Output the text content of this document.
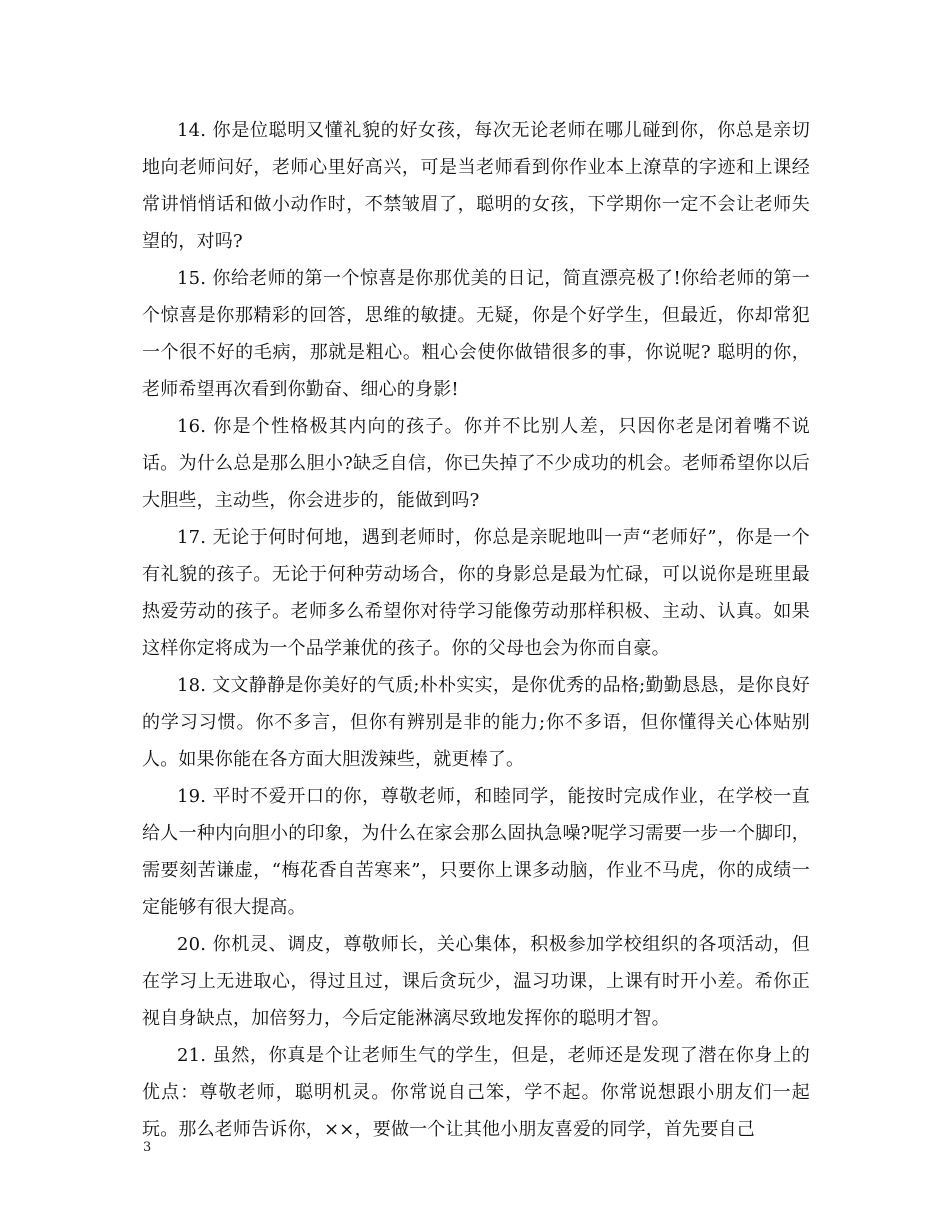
14. 你是位聪明又懂礼貌的好女孩，每次无论老师在哪儿碰到你，你总是亲切地向老师问好，老师心里好高兴，可是当老师看到你作业本上潦草的字迹和上课经常讲悄悄话和做小动作时，不禁皱眉了，聪明的女孩，下学期你一定不会让老师失望的，对吗?

15. 你给老师的第一个惊喜是你那优美的日记，简直漂亮极了!你给老师的第一个惊喜是你那精彩的回答，思维的敏捷。无疑，你是个好学生，但最近，你却常犯一个很不好的毛病，那就是粗心。粗心会使你做错很多的事，你说呢? 聪明的你，老师希望再次看到你勤奋、细心的身影!

16. 你是个性格极其内向的孩子。你并不比别人差，只因你老是闭着嘴不说话。为什么总是那么胆小?缺乏自信，你已失掉了不少成功的机会。老师希望你以后大胆些，主动些，你会进步的，能做到吗?

17. 无论于何时何地，遇到老师时，你总是亲昵地叫一声“老师好”，你是一个有礼貌的孩子。无论于何种劳动场合，你的身影总是最为忙碌，可以说你是班里最热爱劳动的孩子。老师多么希望你对待学习能像劳动那样积极、主动、认真。如果这样你定将成为一个品学兼优的孩子。你的父母也会为你而自豪。

18. 文文静静是你美好的气质;朴朴实实，是你优秀的品格;勤勤恳恳，是你良好的学习习惯。你不多言，但你有辨别是非的能力;你不多语，但你懂得关心体贴别人。如果你能在各方面大胆泼辣些，就更棒了。

19. 平时不爱开口的你，尊敬老师，和睦同学，能按时完成作业，在学校一直给人一种内向胆小的印象，为什么在家会那么固执急噪?呢学习需要一步一个脚印，需要刻苦谦虚，“梅花香自苦寒来”，只要你上课多动脑，作业不马虎，你的成绩一定能够有很大提高。

20. 你机灵、调皮，尊敬师长，关心集体，积极参加学校组织的各项活动，但在学习上无进取心，得过且过，课后贪玩少，温习功课，上课有时开小差。希你正视自身缺点，加倍努力，今后定能淋漓尽致地发挥你的聪明才智。

21. 虽然，你真是个让老师生气的学生，但是，老师还是发现了潜在你身上的优点：尊敬老师，聪明机灵。你常说自己笨，学不起。你常说想跟小朋友们一起玩。那么老师告诉你，××，要做一个让其他小朋友喜爱的同学，首先要自己

3
